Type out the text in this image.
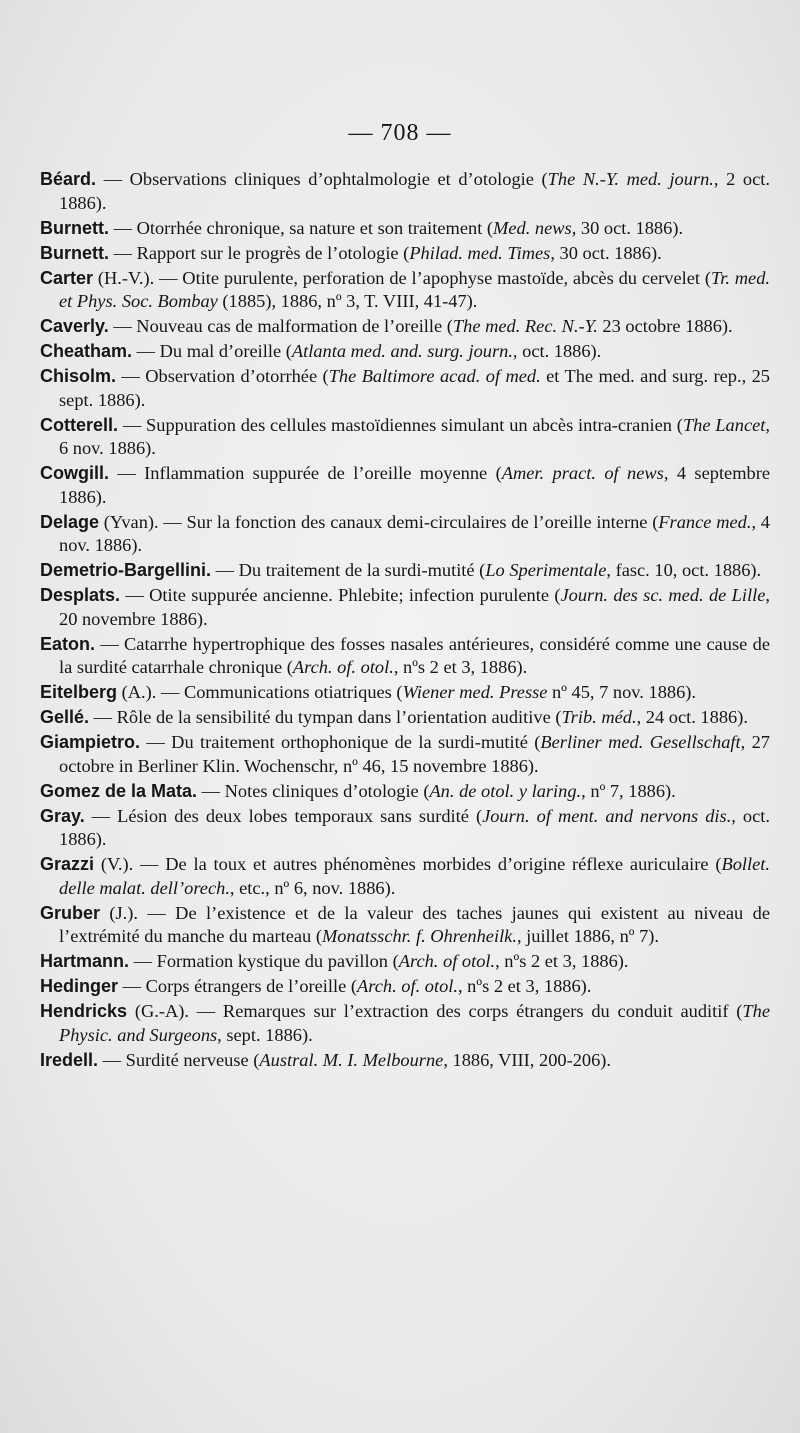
— 708 —
Béard. — Observations cliniques d’ophtalmologie et d’otologie (The N.-Y. med. journ., 2 oct. 1886).
Burnett. — Otorrhée chronique, sa nature et son traitement (Med. news, 30 oct. 1886).
Burnett. — Rapport sur le progrès de l’otologie (Philad. med. Times, 30 oct. 1886).
Carter (H.-V.). — Otite purulente, perforation de l’apophyse mastoïde, abcès du cervelet (Tr. med. et Phys. Soc. Bombay (1885), 1886, nº 3, T. VIII, 41-47).
Caverly. — Nouveau cas de malformation de l’oreille (The med. Rec. N.-Y. 23 octobre 1886).
Cheatham. — Du mal d’oreille (Atlanta med. and. surg. journ., oct. 1886).
Chisolm. — Observation d’otorrhée (The Baltimore acad. of med. et The med. and surg. rep., 25 sept. 1886).
Cotterell. — Suppuration des cellules mastoïdiennes simulant un abcès intra-cranien (The Lancet, 6 nov. 1886).
Cowgill. — Inflammation suppurée de l’oreille moyenne (Amer. pract. of news, 4 septembre 1886).
Delage (Yvan). — Sur la fonction des canaux demi-circulaires de l’oreille interne (France med., 4 nov. 1886).
Demetrio-Bargellini. — Du traitement de la surdi-mutité (Lo Sperimentale, fasc. 10, oct. 1886).
Desplats. — Otite suppurée ancienne. Phlebite; infection purulente (Journ. des sc. med. de Lille, 20 novembre 1886).
Eaton. — Catarrhe hypertrophique des fosses nasales antérieures, considéré comme une cause de la surdité catarrhale chronique (Arch. of. otol., nºs 2 et 3, 1886).
Eitelberg (A.). — Communications otiatriques (Wiener med. Presse nº 45, 7 nov. 1886).
Gellé. — Rôle de la sensibilité du tympan dans l’orientation auditive (Trib. méd., 24 oct. 1886).
Giampietro. — Du traitement orthophonique de la surdi-mutité (Berliner med. Gesellschaft, 27 octobre in Berliner Klin. Wochenschr, nº 46, 15 novembre 1886).
Gomez de la Mata. — Notes cliniques d’otologie (An. de otol. y laring., nº 7, 1886).
Gray. — Lésion des deux lobes temporaux sans surdité (Journ. of ment. and nervons dis., oct. 1886).
Grazzi (V.). — De la toux et autres phénomènes morbides d’origine réflexe auriculaire (Bollet. delle malat. dell’orech., etc., nº 6, nov. 1886).
Gruber (J.). — De l’existence et de la valeur des taches jaunes qui existent au niveau de l’extrémité du manche du marteau (Monatsschr. f. Ohrenheilk., juillet 1886, nº 7).
Hartmann. — Formation kystique du pavillon (Arch. of otol., nºs 2 et 3, 1886).
Hedinger — Corps étrangers de l’oreille (Arch. of. otol., nºs 2 et 3, 1886).
Hendricks (G.-A). — Remarques sur l’extraction des corps étrangers du conduit auditif (The Physic. and Surgeons, sept. 1886).
Iredell. — Surdité nerveuse (Austral. M. I. Melbourne, 1886, VIII, 200-206).
